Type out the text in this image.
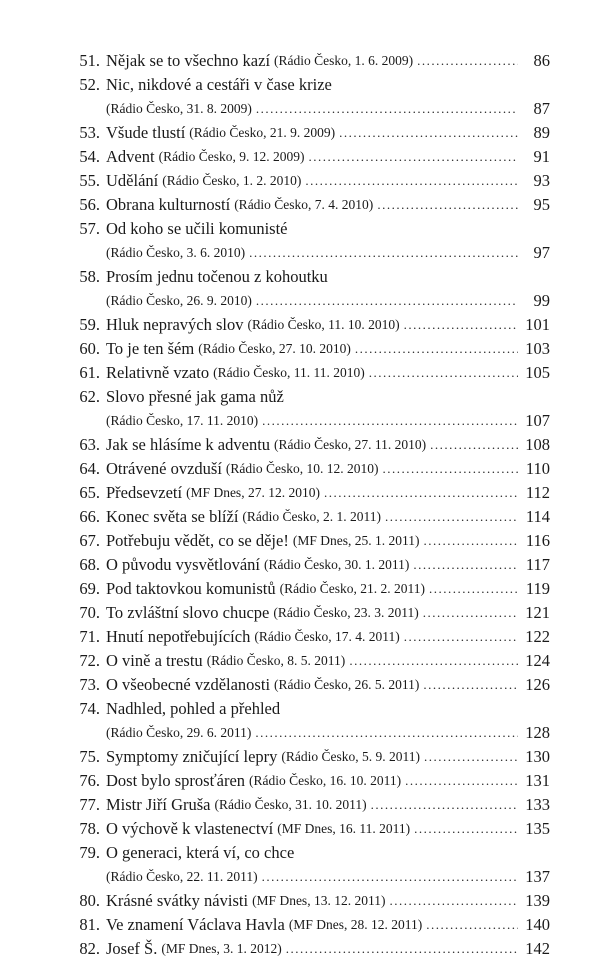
51. Nějak se to všechno kazí (Rádio Česko, 1. 6. 2009) .....	86
52. Nic, nikdové a cestáři v čase krize
(Rádio Česko, 31. 8. 2009) .....	87
53. Všude tlustí (Rádio Česko, 21. 9. 2009) .....	89
54. Advent (Rádio Česko, 9. 12. 2009) .....	91
55. Udělání (Rádio Česko, 1. 2. 2010) .....	93
56. Obrana kulturností (Rádio Česko, 7. 4. 2010) .....	95
57. Od koho se učili komunisté
(Rádio Česko, 3. 6. 2010) .....	97
58. Prosím jednu točenou z kohoutku
(Rádio Česko, 26. 9. 2010) .....	99
59. Hluk nepravých slov (Rádio Česko, 11. 10. 2010) .....	101
60. To je ten šém (Rádio Česko, 27. 10. 2010) .....	103
61. Relativně vzato (Rádio Česko, 11. 11. 2010) .....	105
62. Slovo přesné jak gama nůž
(Rádio Česko, 17. 11. 2010) .....	107
63. Jak se hlásíme k adventu (Rádio Česko, 27. 11. 2010) .....	108
64. Otrávené ovzduší (Rádio Česko, 10. 12. 2010) .....	110
65. Předsevzetí (MF Dnes, 27. 12. 2010) .....	112
66. Konec světa se blíží (Rádio Česko, 2. 1. 2011) .....	114
67. Potřebuju vědět, co se děje! (MF Dnes, 25. 1. 2011) .....	116
68. O původu vysvětlování (Rádio Česko, 30. 1. 2011) .....	117
69. Pod taktovkou komunistů (Rádio Česko, 21. 2. 2011) .....	119
70. To zvláštní slovo chucpe (Rádio Česko, 23. 3. 2011) .....	121
71. Hnutí nepotřebujících (Rádio Česko, 17. 4. 2011) .....	122
72. O vině a trestu (Rádio Česko, 8. 5. 2011) .....	124
73. O všeobecné vzdělanosti (Rádio Česko, 26. 5. 2011) .....	126
74. Nadhled, pohled a přehled
(Rádio Česko, 29. 6. 2011) .....	128
75. Symptomy zničující lepry (Rádio Česko, 5. 9. 2011) .....	130
76. Dost bylo sprosťáren (Rádio Česko, 16. 10. 2011) .....	131
77. Mistr Jiří Gruša (Rádio Česko, 31. 10. 2011) .....	133
78. O výchově k vlastenectví (MF Dnes, 16. 11. 2011) .....	135
79. O generaci, která ví, co chce
(Rádio Česko, 22. 11. 2011) .....	137
80. Krásné svátky návisti (MF Dnes, 13. 12. 2011) .....	139
81. Ve znamení Václava Havla (MF Dnes, 28. 12. 2011) .....	140
82. Josef Š. (MF Dnes, 3. 1. 2012) .....	142
